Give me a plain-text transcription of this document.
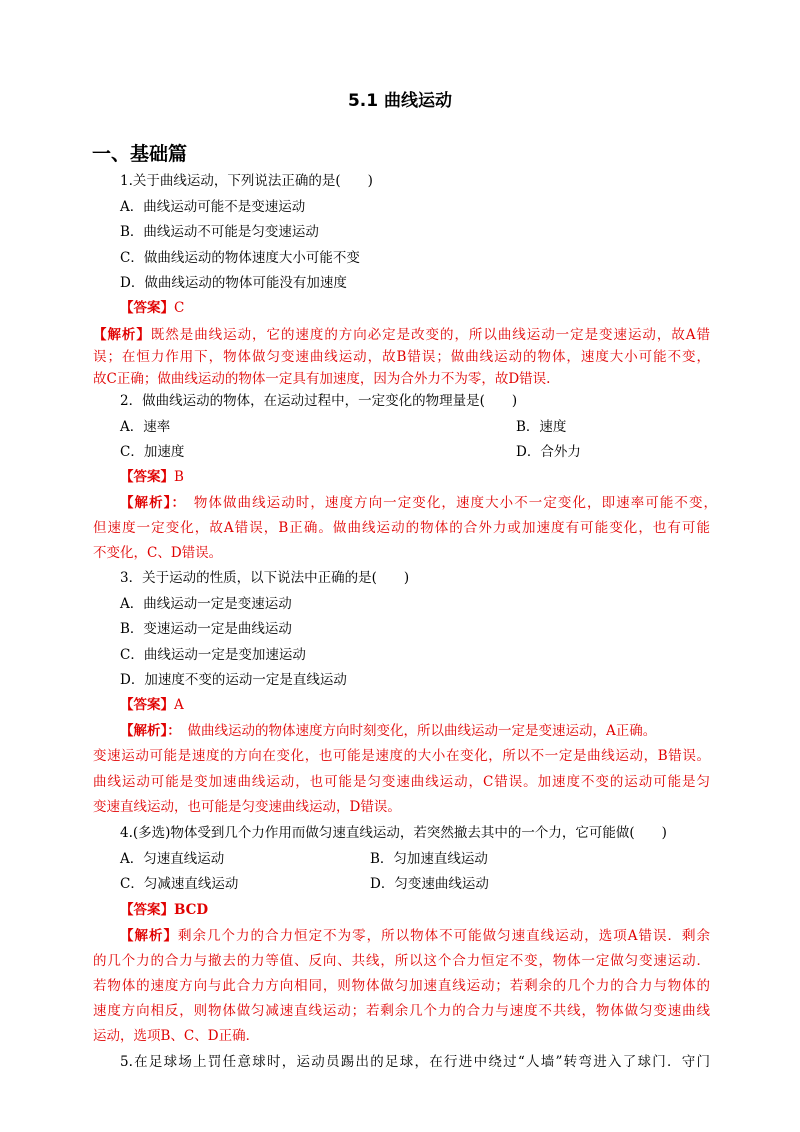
5.1 曲线运动
一、基础篇
1.关于曲线运动，下列说法正确的是(　　)
A．曲线运动可能不是变速运动
B．曲线运动不可能是匀变速运动
C．做曲线运动的物体速度大小可能不变
D．做曲线运动的物体可能没有加速度
【答案】C
【解析】既然是曲线运动，它的速度的方向必定是改变的，所以曲线运动一定是变速运动，故A错
误；在恒力作用下，物体做匀变速曲线运动，故B错误；做曲线运动的物体，速度大小可能不变，
故C正确；做曲线运动的物体一定具有加速度，因为合外力不为零，故D错误.
2．做曲线运动的物体，在运动过程中，一定变化的物理量是(　　)
A．速率	B．速度
C．加速度	D．合外力
【答案】B
【解析】：　物体做曲线运动时，速度方向一定变化，速度大小不一定变化，即速率可能不变，
但速度一定变化，故A错误，B正确。做曲线运动的物体的合外力或加速度有可能变化，也有可能
不变化，C、D错误。
3．关于运动的性质，以下说法中正确的是(　　)
A．曲线运动一定是变速运动
B．变速运动一定是曲线运动
C．曲线运动一定是变加速运动
D．加速度不变的运动一定是直线运动
【答案】A
【解析】：　做曲线运动的物体速度方向时刻变化，所以曲线运动一定是变速运动，A正确。
变速运动可能是速度的方向在变化，也可能是速度的大小在变化，所以不一定是曲线运动，B错误。
曲线运动可能是变加速曲线运动，也可能是匀变速曲线运动，C错误。加速度不变的运动可能是匀
变速直线运动，也可能是匀变速曲线运动，D错误。
4.(多选)物体受到几个力作用而做匀速直线运动，若突然撤去其中的一个力，它可能做(　　)
A．匀速直线运动	B．匀加速直线运动
C．匀减速直线运动	D．匀变速曲线运动
【答案】BCD
【解析】剩余几个力的合力恒定不为零，所以物体不可能做匀速直线运动，选项A错误．剩余
的几个力的合力与撤去的力等值、反向、共线，所以这个合力恒定不变，物体一定做匀变速运动．
若物体的速度方向与此合力方向相同，则物体做匀加速直线运动；若剩余的几个力的合力与物体的
速度方向相反，则物体做匀减速直线运动；若剩余几个力的合力与速度不共线，物体做匀变速曲线
运动，选项B、C、D正确．
5.在足球场上罚任意球时，运动员踢出的足球，在行进中绕过“人墙”转弯进入了球门．守门
